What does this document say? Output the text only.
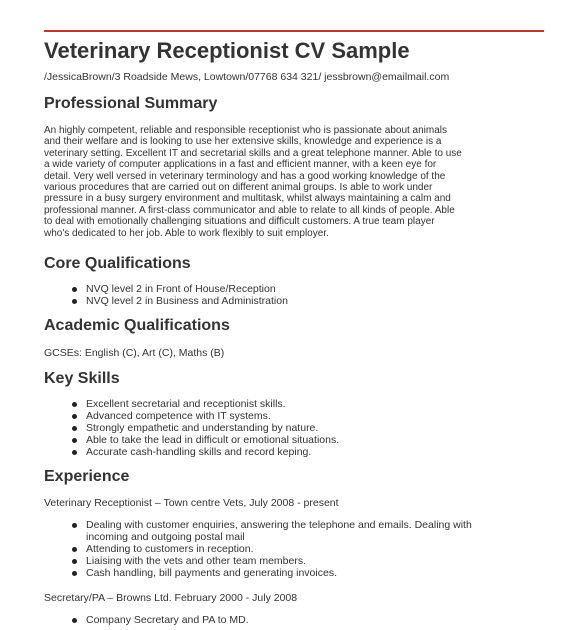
Veterinary Receptionist CV Sample
/JessicaBrown/3 Roadside Mews, Lowtown/07768 634 321/ jessbrown@emailmail.com
Professional Summary
An highly competent, reliable and responsible receptionist who is passionate about animals
and their welfare and is looking to use her extensive skills, knowledge and experience is a
veterinary setting. Excellent IT and secretarial skills and a great telephone manner. Able to use
a wide variety of computer applications in a fast and efficient manner, with a keen eye for
detail. Very well versed in veterinary terminology and has a good working knowledge of the
various procedures that are carried out on different animal groups. Is able to work under
pressure in a busy surgery environment and multitask, whilst always maintaining a calm and
professional manner. A first-class communicator and able to relate to all kinds of people. Able
to deal with emotionally challenging situations and difficult customers. A true team player
who's dedicated to her job. Able to work flexibly to suit employer.
Core Qualifications
NVQ level 2 in Front of House/Reception
NVQ level 2 in Business and Administration
Academic Qualifications
GCSEs: English (C), Art (C), Maths (B)
Key Skills
Excellent secretarial and receptionist skills.
Advanced competence with IT systems.
Strongly empathetic and understanding by nature.
Able to take the lead in difficult or emotional situations.
Accurate cash-handling skills and record keping.
Experience
Veterinary Receptionist – Town centre Vets, July 2008 - present
Dealing with customer enquiries, answering the telephone and emails. Dealing with
incoming and outgoing postal mail
Attending to customers in reception.
Liaising with the vets and other team members.
Cash handling, bill payments and generating invoices.
Secretary/PA – Browns Ltd. February 2000 - July 2008
Company Secretary and PA to MD.
